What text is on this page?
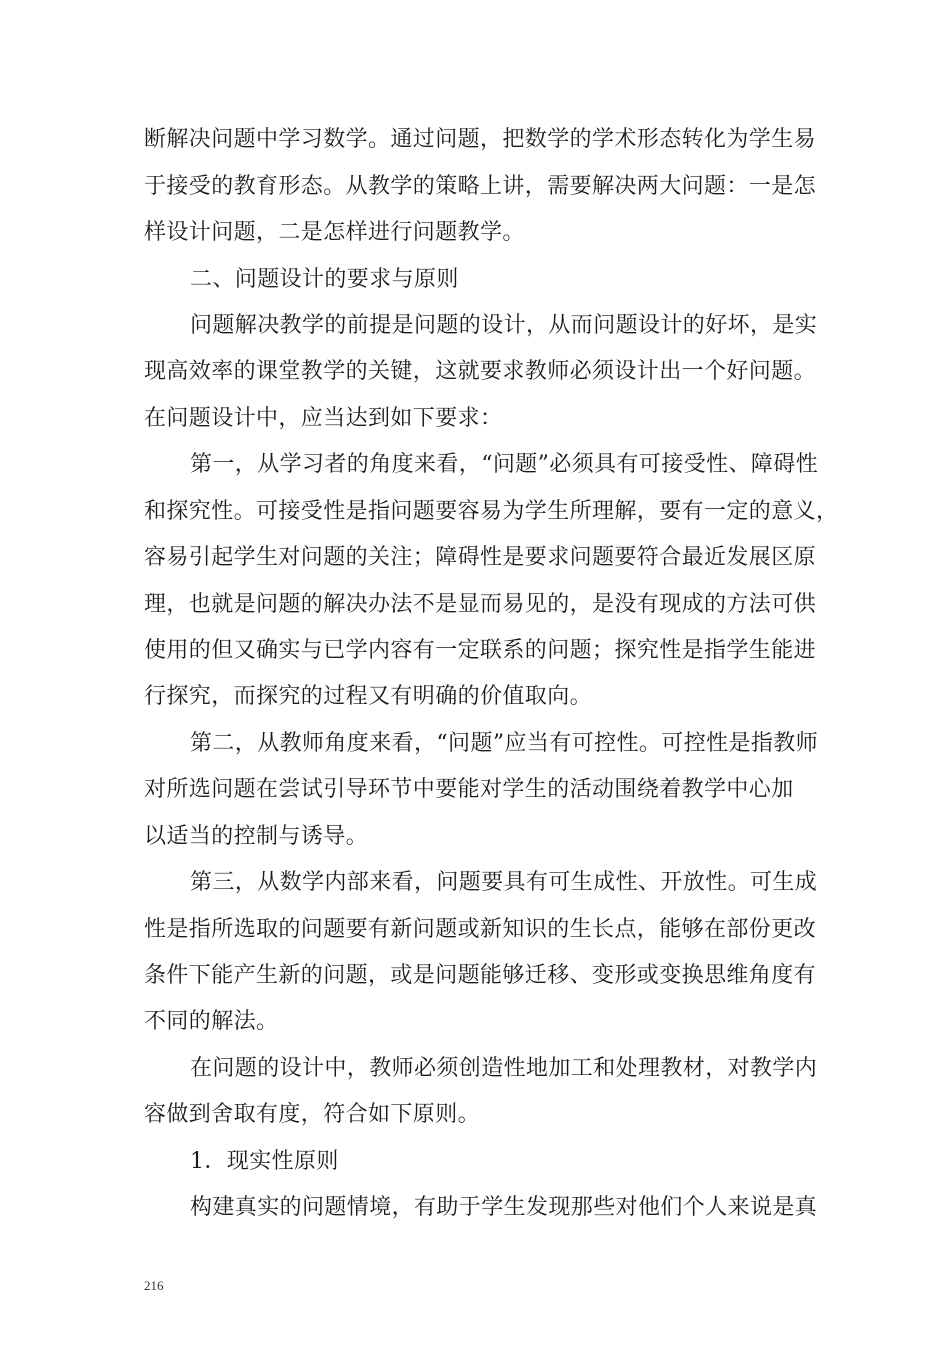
断解决问题中学习数学。通过问题，把数学的学术形态转化为学生易
于接受的教育形态。从教学的策略上讲，需要解决两大问题：一是怎
样设计问题，二是怎样进行问题教学。
二、问题设计的要求与原则
问题解决教学的前提是问题的设计，从而问题设计的好坏，是实
现高效率的课堂教学的关键，这就要求教师必须设计出一个好问题。
在问题设计中，应当达到如下要求：
第一，从学习者的角度来看，“问题”必须具有可接受性、障碍性
和探究性。可接受性是指问题要容易为学生所理解，要有一定的意义，
容易引起学生对问题的关注；障碍性是要求问题要符合最近发展区原
理，也就是问题的解决办法不是显而易见的，是没有现成的方法可供
使用的但又确实与已学内容有一定联系的问题；探究性是指学生能进
行探究，而探究的过程又有明确的价值取向。
第二，从教师角度来看，“问题”应当有可控性。可控性是指教师
对所选问题在尝试引导环节中要能对学生的活动围绕着教学中心加
以适当的控制与诱导。
第三，从数学内部来看，问题要具有可生成性、开放性。可生成
性是指所选取的问题要有新问题或新知识的生长点，能够在部份更改
条件下能产生新的问题，或是问题能够迁移、变形或变换思维角度有
不同的解法。
在问题的设计中，教师必须创造性地加工和处理教材，对教学内
容做到舍取有度，符合如下原则。
1．现实性原则
构建真实的问题情境，有助于学生发现那些对他们个人来说是真
216
